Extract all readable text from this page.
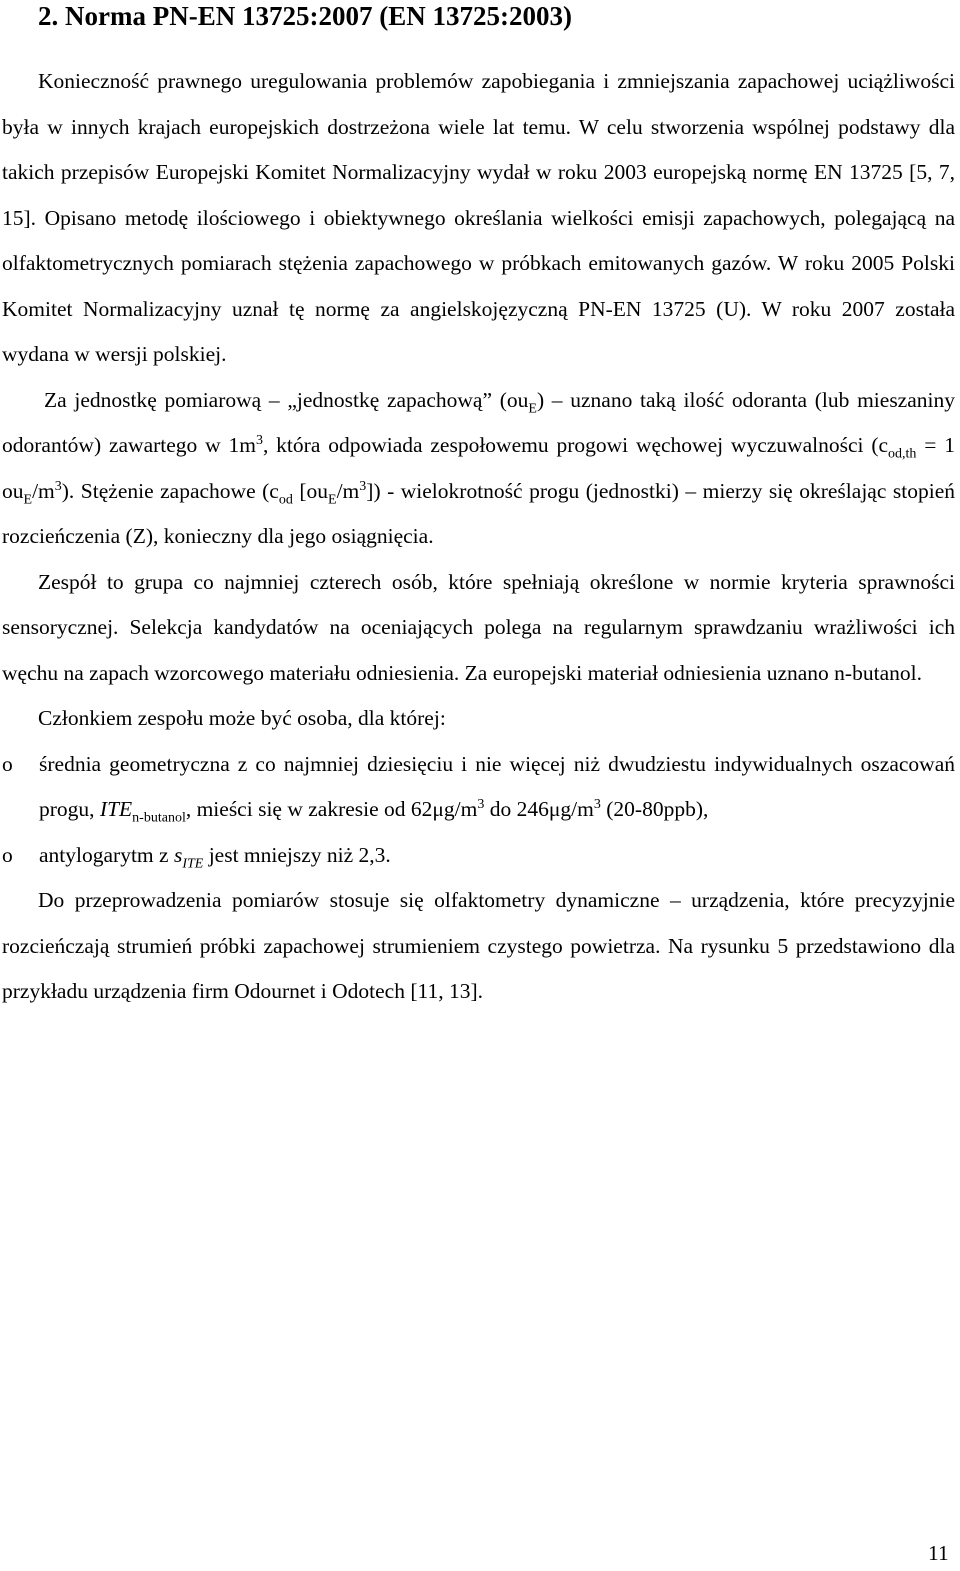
2. Norma PN-EN 13725:2007 (EN 13725:2003)

Konieczność prawnego uregulowania problemów zapobiegania i zmniejszania zapachowej uciążliwości była w innych krajach europejskich dostrzeżona wiele lat temu. W celu stworzenia wspólnej podstawy dla takich przepisów Europejski Komitet Normalizacyjny wydał w roku 2003 europejską normę EN 13725 [5, 7, 15]. Opisano metodę ilościowego i obiektywnego określania wielkości emisji zapachowych, polegającą na olfaktometrycznych pomiarach stężenia zapachowego w próbkach emitowanych gazów. W roku 2005 Polski Komitet Normalizacyjny uznał tę normę za angielskojęzyczną PN-EN 13725 (U). W roku 2007 została wydana w wersji polskiej.

Za jednostkę pomiarową – „jednostkę zapachową” $(ou_E)$ – uznano taką ilość odoranta (lub mieszaniny odorantów) zawartego w $1m^3$, która odpowiada zespołowemu progowi węchowej wyczuwalności ($c_{od,th} = 1$ $ou_E/m^3$). Stężenie zapachowe ($c_{od}$ $[ou_E/m^3]$) - wielokrotność progu (jednostki) – mierzy się określając stopień rozcieńczenia (Z), konieczny dla jego osiągnięcia.

Zespół to grupa co najmniej czterech osób, które spełniają określone w normie kryteria sprawności sensorycznej. Selekcja kandydatów na oceniających polega na regularnym sprawdzaniu wrażliwości ich węchu na zapach wzorcowego materiału odniesienia. Za europejski materiał odniesienia uznano n-butanol.

Członkiem zespołu może być osoba, dla której:

o średnia geometryczna z co najmniej dziesięciu i nie więcej niż dwudziestu indywidualnych oszacowań progu, $ITE_{n-butanol}$, mieści się w zakresie od $62\mu g/m^3$ do $246\mu g/m^3$ (20-80ppb),
o antylogarytm z $s_{ITE}$ jest mniejszy niż 2,3.

Do przeprowadzenia pomiarów stosuje się olfaktometry dynamiczne – urządzenia, które precyzyjnie rozcieńczają strumień próbki zapachowej strumieniem czystego powietrza. Na rysunku 5 przedstawiono dla przykładu urządzenia firm Odournet i Odotech [11, 13].

11
